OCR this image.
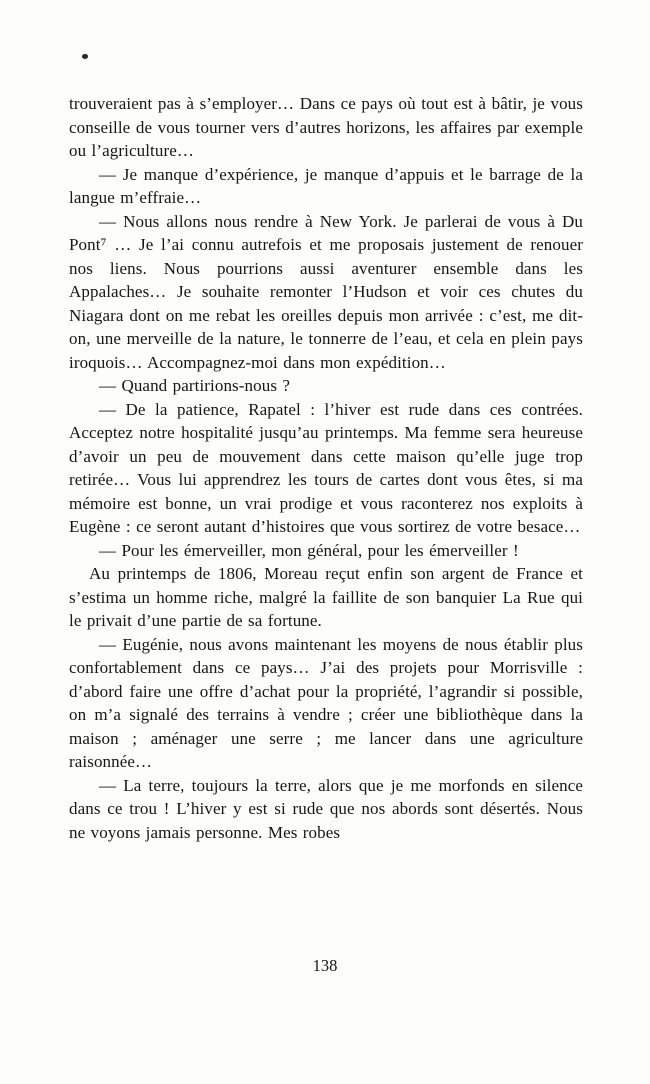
trouveraient pas à s’employer… Dans ce pays où tout est à bâtir, je vous conseille de vous tourner vers d’autres horizons, les affaires par exemple ou l’agriculture…

— Je manque d’expérience, je manque d’appuis et le barrage de la langue m’effraie…

— Nous allons nous rendre à New York. Je parlerai de vous à Du Pont⁷ … Je l’ai connu autrefois et me proposais justement de renouer nos liens. Nous pourrions aussi aventurer ensemble dans les Appalaches… Je souhaite remonter l’Hudson et voir ces chutes du Niagara dont on me rebat les oreilles depuis mon arrivée : c’est, me dit-on, une merveille de la nature, le tonnerre de l’eau, et cela en plein pays iroquois… Accompagnez-moi dans mon expédition…

— Quand partirions-nous ?

— De la patience, Rapatel : l’hiver est rude dans ces contrées. Acceptez notre hospitalité jusqu’au printemps. Ma femme sera heureuse d’avoir un peu de mouvement dans cette maison qu’elle juge trop retirée… Vous lui apprendrez les tours de cartes dont vous êtes, si ma mémoire est bonne, un vrai prodige et vous raconterez nos exploits à Eugène : ce seront autant d’histoires que vous sortirez de votre besace…

— Pour les émerveiller, mon général, pour les émerveiller !

Au printemps de 1806, Moreau reçut enfin son argent de France et s’estima un homme riche, malgré la faillite de son banquier La Rue qui le privait d’une partie de sa fortune.

— Eugénie, nous avons maintenant les moyens de nous établir plus confortablement dans ce pays… J’ai des projets pour Morrisville : d’abord faire une offre d’achat pour la propriété, l’agrandir si possible, on m’a signalé des terrains à vendre ; créer une bibliothèque dans la maison ; aménager une serre ; me lancer dans une agriculture raisonnée…

— La terre, toujours la terre, alors que je me morfonds en silence dans ce trou ! L’hiver y est si rude que nos abords sont désertés. Nous ne voyons jamais personne. Mes robes

138
